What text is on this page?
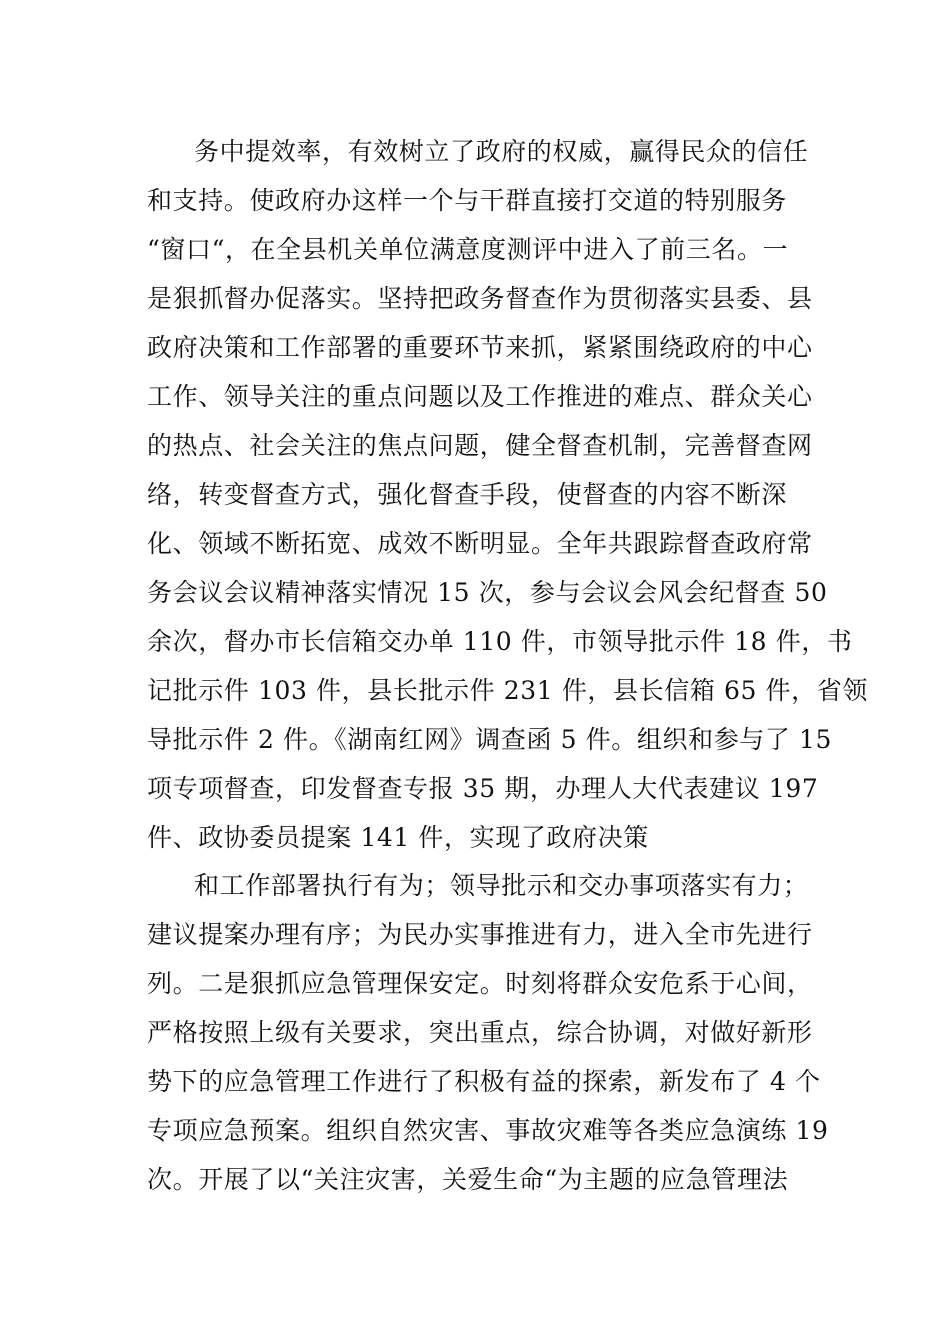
务中提效率，有效树立了政府的权威，赢得民众的信任
和支持。使政府办这样一个与干群直接打交道的特别服务
“窗口“，在全县机关单位满意度测评中进入了前三名。一
是狠抓督办促落实。坚持把政务督查作为贯彻落实县委、县
政府决策和工作部署的重要环节来抓，紧紧围绕政府的中心
工作、领导关注的重点问题以及工作推进的难点、群众关心
的热点、社会关注的焦点问题，健全督查机制，完善督查网
络，转变督查方式，强化督查手段，使督查的内容不断深
化、领域不断拓宽、成效不断明显。全年共跟踪督查政府常
务会议会议精神落实情况 15 次，参与会议会风会纪督查 50
余次，督办市长信箱交办单 110 件，市领导批示件 18 件，书
记批示件 103 件，县长批示件 231 件，县长信箱 65 件，省领
导批示件 2 件。《湖南红网》调查函 5 件。组织和参与了 15
项专项督查，印发督查专报 35 期，办理人大代表建议 197
件、政协委员提案 141 件，实现了政府决策
和工作部署执行有为；领导批示和交办事项落实有力；
建议提案办理有序；为民办实事推进有力，进入全市先进行
列。二是狠抓应急管理保安定。时刻将群众安危系于心间，
严格按照上级有关要求，突出重点，综合协调，对做好新形
势下的应急管理工作进行了积极有益的探索，新发布了 4 个
专项应急预案。组织自然灾害、事故灾难等各类应急演练 19
次。开展了以“关注灾害，关爱生命“为主题的应急管理法
